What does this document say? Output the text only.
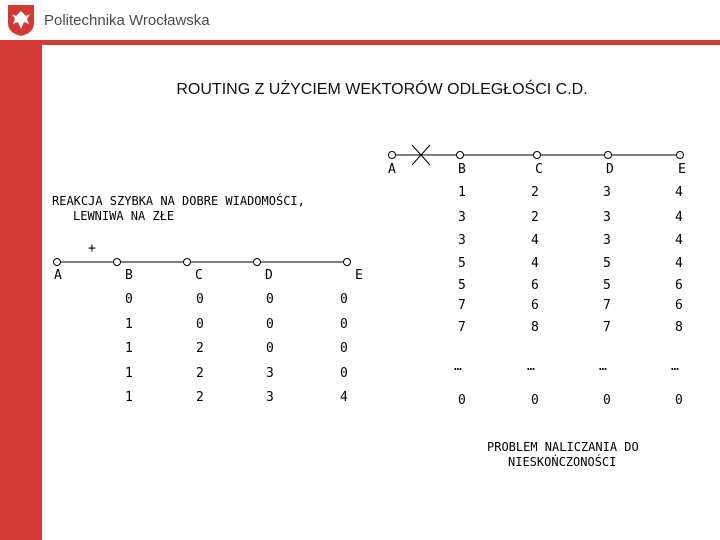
Politechnika Wrocławska
ROUTING Z UŻYCIEM WEKTORÓW ODLEGŁOŚCI C.D.
REAKCJA SZYBKA NA DOBRE WIADOMOŚCI,
LEWNIWA NA ZŁE
PROBLEM NALICZANIA DO
NIESKOŃCZONOŚCI
A	B	C	D	E
+
0	0	0	0
1	0	0	0
1	2	0	0
1	2	3	0
1	2	3	4
A	B	C	D	E
1	2	3	4
3	2	3	4
3	4	3	4
5	4	5	4
5	6	5	6
7	6	7	6
7	8	7	8
…	…	…	…
0	0	0	0
